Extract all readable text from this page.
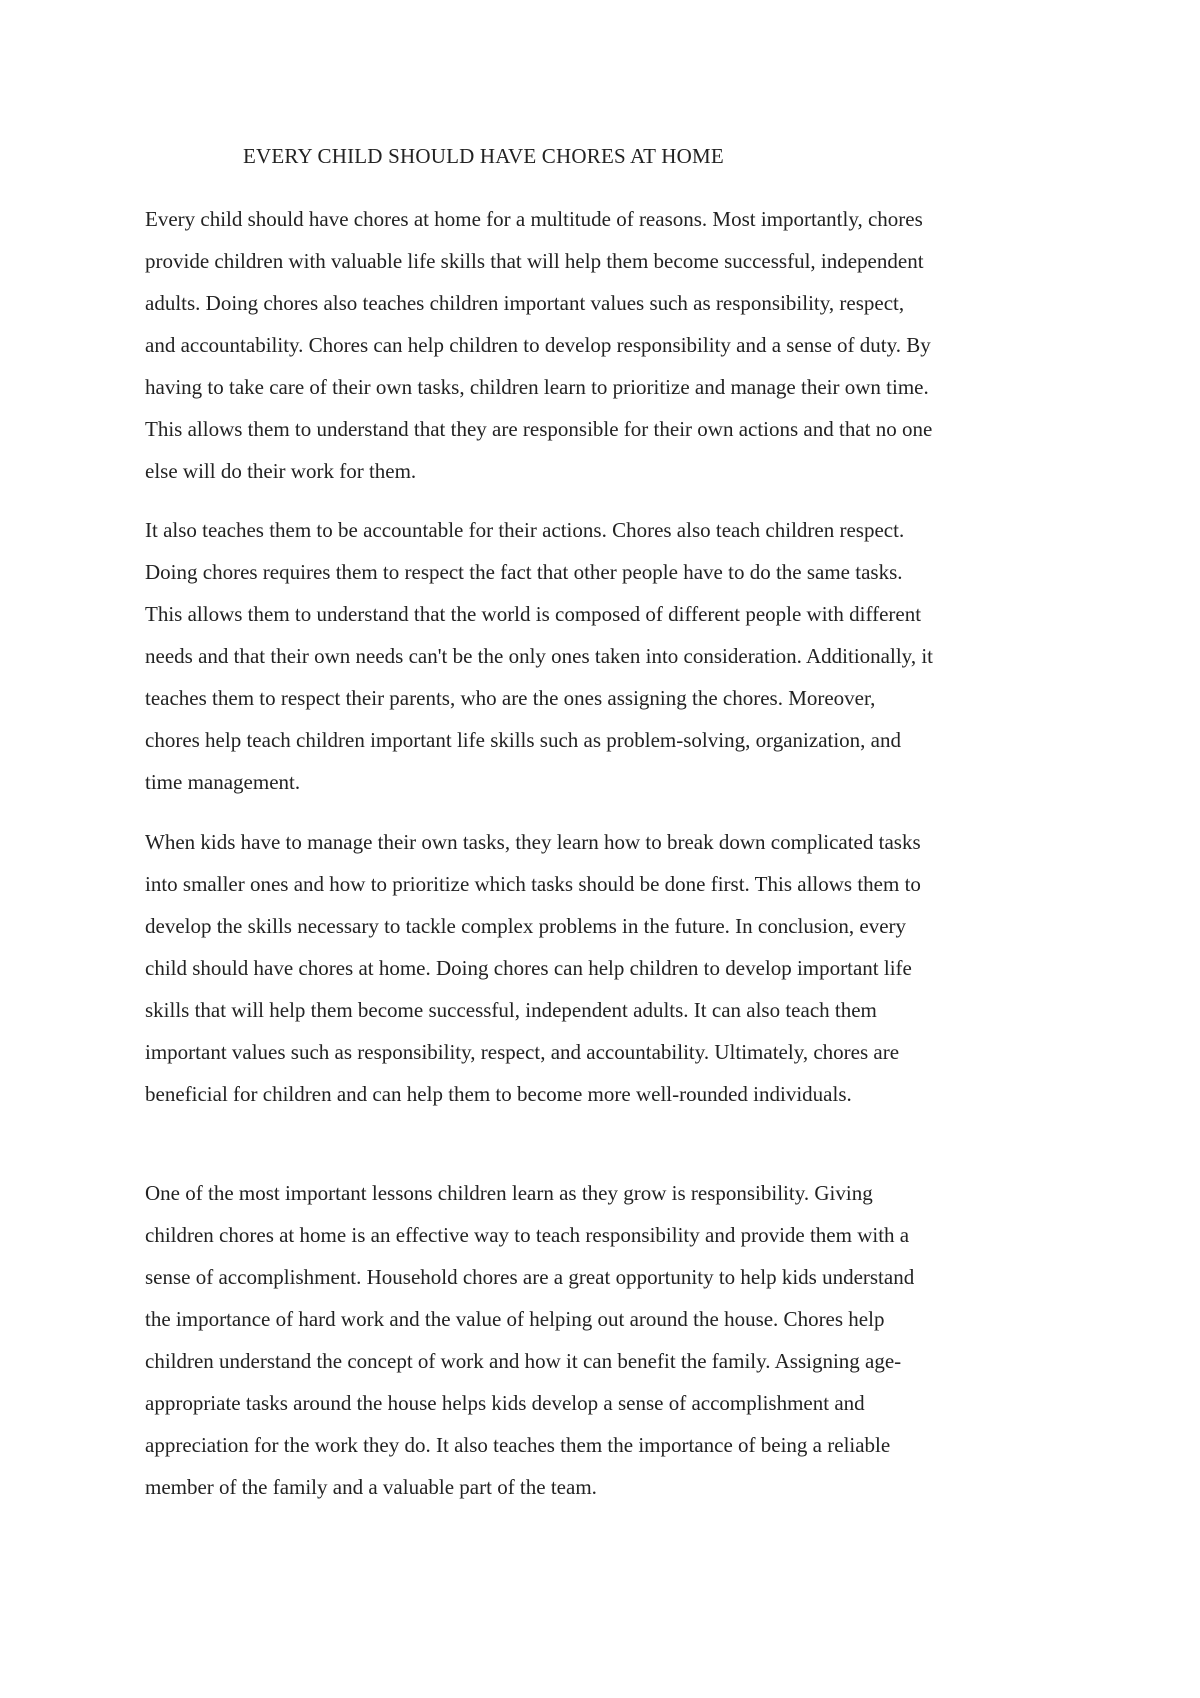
EVERY CHILD SHOULD HAVE CHORES AT HOME

Every child should have chores at home for a multitude of reasons. Most importantly, chores
provide children with valuable life skills that will help them become successful, independent
adults. Doing chores also teaches children important values such as responsibility, respect,
and accountability. Chores can help children to develop responsibility and a sense of duty. By
having to take care of their own tasks, children learn to prioritize and manage their own time.
This allows them to understand that they are responsible for their own actions and that no one
else will do their work for them.

It also teaches them to be accountable for their actions. Chores also teach children respect.
Doing chores requires them to respect the fact that other people have to do the same tasks.
This allows them to understand that the world is composed of different people with different
needs and that their own needs can't be the only ones taken into consideration. Additionally, it
teaches them to respect their parents, who are the ones assigning the chores. Moreover,
chores help teach children important life skills such as problem-solving, organization, and
time management.

When kids have to manage their own tasks, they learn how to break down complicated tasks
into smaller ones and how to prioritize which tasks should be done first. This allows them to
develop the skills necessary to tackle complex problems in the future. In conclusion, every
child should have chores at home. Doing chores can help children to develop important life
skills that will help them become successful, independent adults. It can also teach them
important values such as responsibility, respect, and accountability. Ultimately, chores are
beneficial for children and can help them to become more well-rounded individuals.

One of the most important lessons children learn as they grow is responsibility. Giving
children chores at home is an effective way to teach responsibility and provide them with a
sense of accomplishment. Household chores are a great opportunity to help kids understand
the importance of hard work and the value of helping out around the house. Chores help
children understand the concept of work and how it can benefit the family. Assigning age-
appropriate tasks around the house helps kids develop a sense of accomplishment and
appreciation for the work they do. It also teaches them the importance of being a reliable
member of the family and a valuable part of the team.
